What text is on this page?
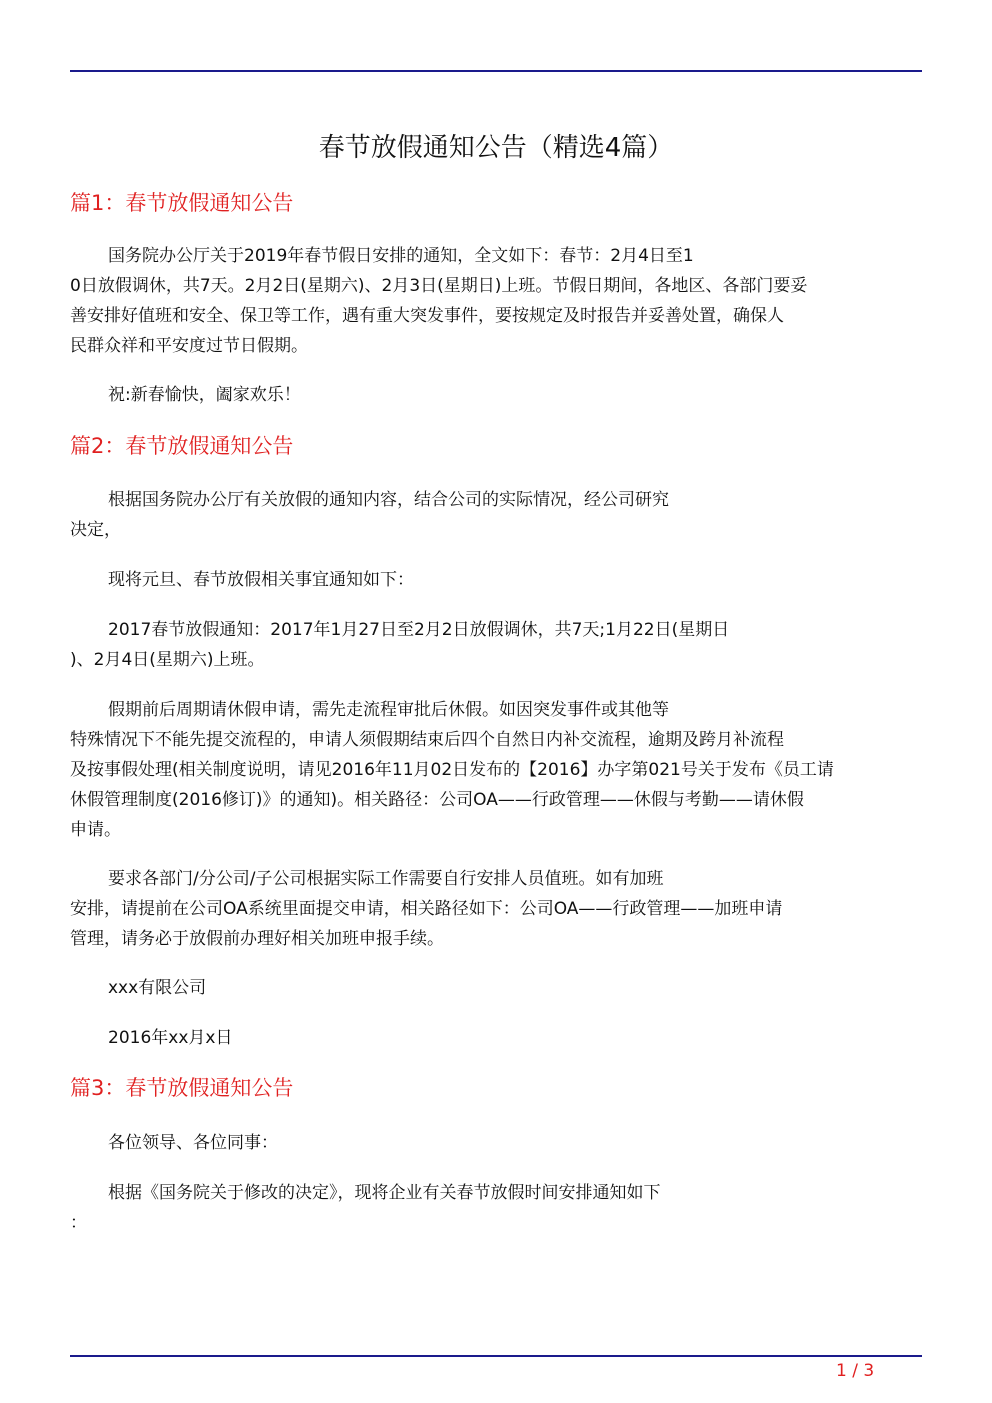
春节放假通知公告（精选4篇）
篇1：春节放假通知公告
国务院办公厅关于2019年春节假日安排的通知，全文如下：春节：2月4日至1
0日放假调休，共7天。2月2日(星期六)、2月3日(星期日)上班。节假日期间，各地区、各部门要妥
善安排好值班和安全、保卫等工作，遇有重大突发事件，要按规定及时报告并妥善处置，确保人
民群众祥和平安度过节日假期。
祝:新春愉快，阖家欢乐！
篇2：春节放假通知公告
根据国务院办公厅有关放假的通知内容，结合公司的实际情况，经公司研究
决定，
现将元旦、春节放假相关事宜通知如下：
2017春节放假通知：2017年1月27日至2月2日放假调休，共7天;1月22日(星期日
)、2月4日(星期六)上班。
假期前后周期请休假申请，需先走流程审批后休假。如因突发事件或其他等
特殊情况下不能先提交流程的，申请人须假期结束后四个自然日内补交流程，逾期及跨月补流程
及按事假处理(相关制度说明，请见2016年11月02日发布的【2016】办字第021号关于发布《员工请
休假管理制度(2016修订)》的通知)。相关路径：公司OA——行政管理——休假与考勤——请休假
申请。
要求各部门/分公司/子公司根据实际工作需要自行安排人员值班。如有加班
安排，请提前在公司OA系统里面提交申请，相关路径如下：公司OA——行政管理——加班申请
管理，请务必于放假前办理好相关加班申报手续。
xxx有限公司
2016年xx月x日
篇3：春节放假通知公告
各位领导、各位同事：
根据《国务院关于修改的决定》，现将企业有关春节放假时间安排通知如下
：
1 / 3
